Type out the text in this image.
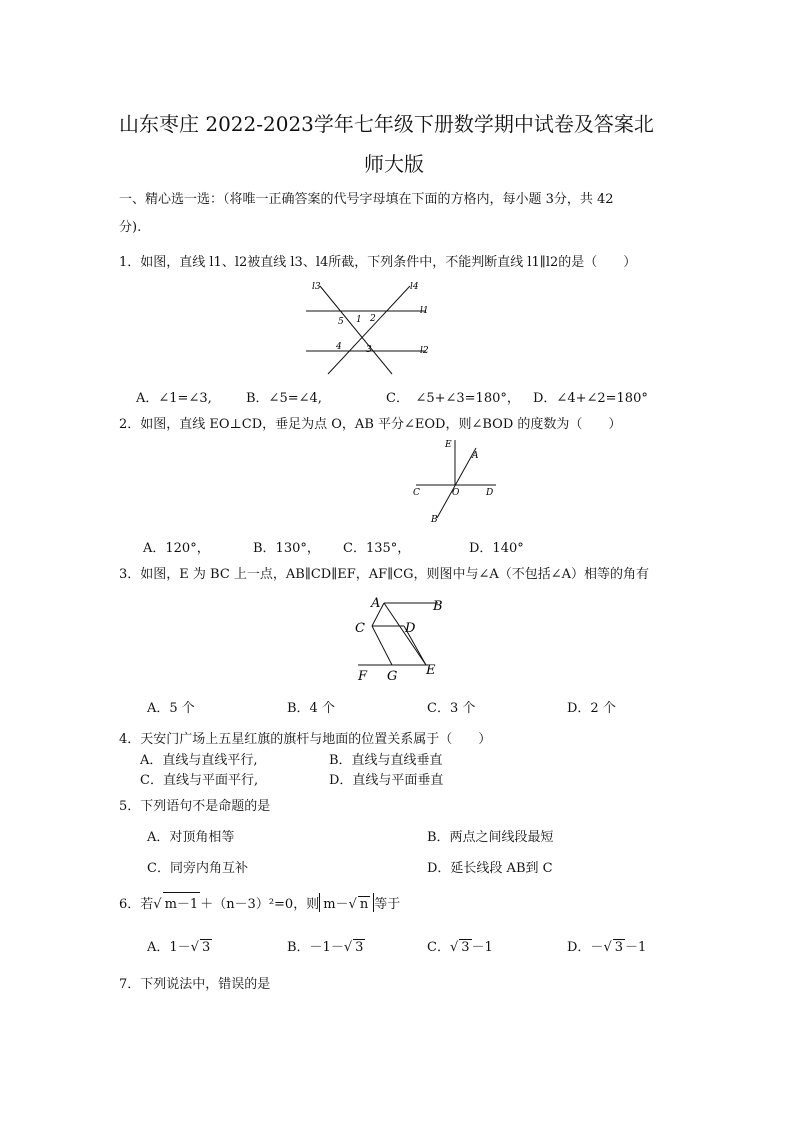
山东枣庄 2022-2023学年七年级下册数学期中试卷及答案北
师大版
一、精心选一选：（将唯一正确答案的代号字母填在下面的方格内，每小题 3分，共 42
分).
1．如图，直线 l1、l2被直线 l3、l4所截，下列条件中，不能判断直线 l1∥l2的是（　　）
l3	l4
l1
l2
1 2
5
4	3
A．∠1=∠3,	B．∠5=∠4,	C．　∠5+∠3=180°， D．∠4+∠2=180°
2．如图，直线 EO⊥CD，垂足为点 O，AB 平分∠EOD，则∠BOD 的度数为（　　）
E
A
C	O	D
B
A．120°，	B．130°， C．135°，	D．140°
3．如图，E 为 BC 上一点，AB∥CD∥EF，AF∥CG，则图中与∠A（不包括∠A）相等的角有
A	B
C	D
F G E
A．5 个	B．4 个	C．3 个	D．2 个
4．天安门广场上五星红旗的旗杆与地面的位置关系属于（　　）
A．直线与直线平行,	B．直线与直线垂直
C．直线与平面平行,	D．直线与平面垂直
5．下列语句不是命题的是
A．对顶角相等	B．两点之间线段最短
C．同旁内角互补	D．延长线段 AB到 C
6．若√ m－1 ＋（n－3）²=0，则 m－√ n 等于
A．1－√ 3	B．－1－√ 3	C．√ 3 －1	D．－√ 3 －1
7．下列说法中，错误的是
